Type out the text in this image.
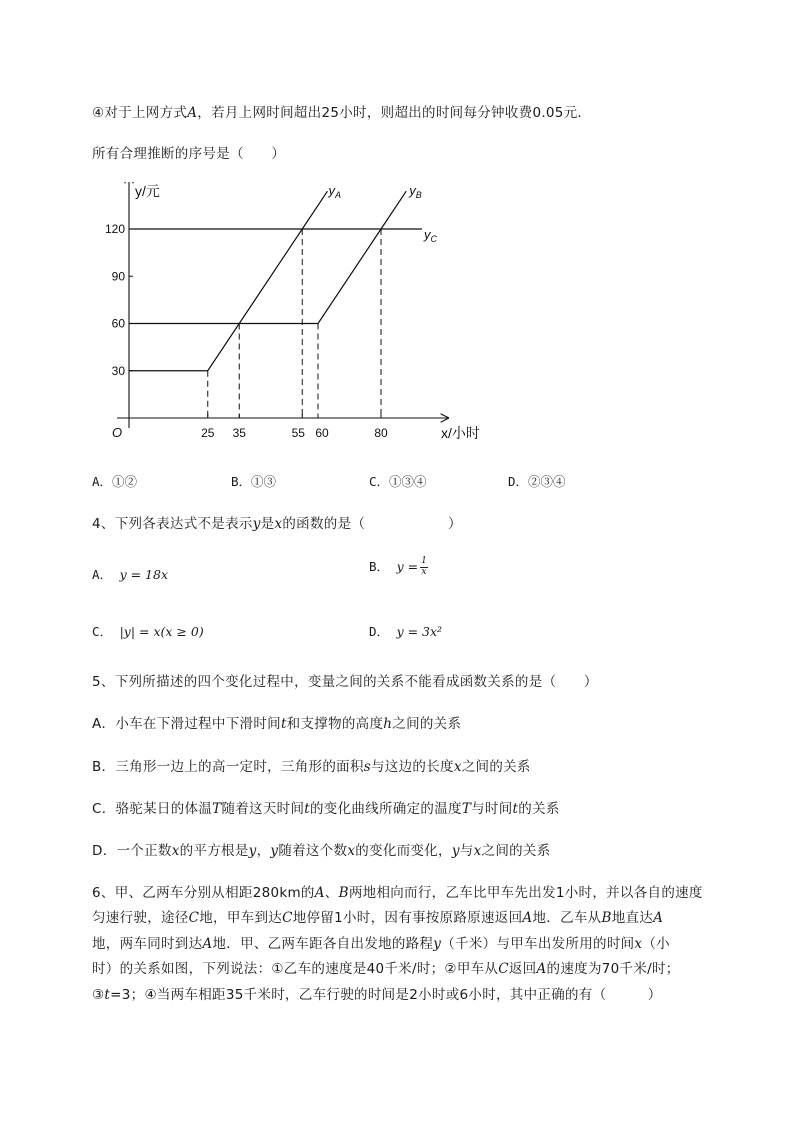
④对于上网方式A，若月上网时间超出25小时，则超出的时间每分钟收费0.05元．
所有合理推断的序号是（　　）
25 35	55 60	80
30
60
90
120
O	x/小时
y/元	$y_A$	$y_B$
$y_C$
A．①②	B．①③	C．①③④	D．②③④
4、下列各表达式不是表示y是x的函数的是（　　　　　　）
A． y = 18x
B． $y = \frac{1}{x}$
C． |y| = x(x ≥ 0)	D． y = 3x²
5、下列所描述的四个变化过程中，变量之间的关系不能看成函数关系的是（　　）
A．小车在下滑过程中下滑时间t和支撑物的高度h之间的关系
B．三角形一边上的高一定时，三角形的面积s与这边的长度x之间的关系
C．骆驼某日的体温T随着这天时间t的变化曲线所确定的温度T与时间t的关系
D．一个正数x的平方根是y，y随着这个数x的变化而变化，y与x之间的关系
6、甲、乙两车分别从相距280km的A、B两地相向而行，乙车比甲车先出发1小时，并以各自的速度
匀速行驶，途径C地，甲车到达C地停留1小时，因有事按原路原速返回A地．乙车从B地直达A
地，两车同时到达A地．甲、乙两车距各自出发地的路程y（千米）与甲车出发所用的时间x（小
时）的关系如图，下列说法：①乙车的速度是40千米/时；②甲车从C返回A的速度为70千米/时；
③t=3；④当两车相距35千米时，乙车行驶的时间是2小时或6小时，其中正确的有（　　　）
